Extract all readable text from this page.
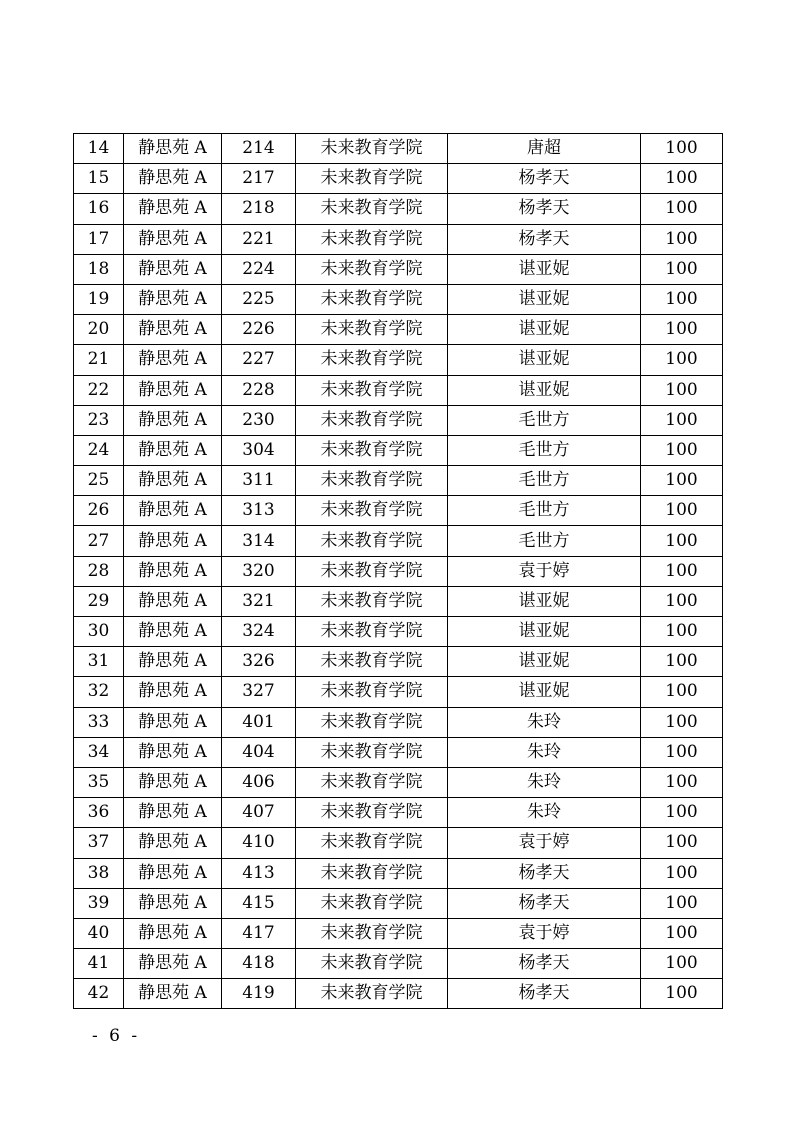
14	静思苑 A	214	未来教育学院	唐超	100
15	静思苑 A	217	未来教育学院	杨孝天	100
16	静思苑 A	218	未来教育学院	杨孝天	100
17	静思苑 A	221	未来教育学院	杨孝天	100
18	静思苑 A	224	未来教育学院	谌亚妮	100
19	静思苑 A	225	未来教育学院	谌亚妮	100
20	静思苑 A	226	未来教育学院	谌亚妮	100
21	静思苑 A	227	未来教育学院	谌亚妮	100
22	静思苑 A	228	未来教育学院	谌亚妮	100
23	静思苑 A	230	未来教育学院	毛世方	100
24	静思苑 A	304	未来教育学院	毛世方	100
25	静思苑 A	311	未来教育学院	毛世方	100
26	静思苑 A	313	未来教育学院	毛世方	100
27	静思苑 A	314	未来教育学院	毛世方	100
28	静思苑 A	320	未来教育学院	袁于婷	100
29	静思苑 A	321	未来教育学院	谌亚妮	100
30	静思苑 A	324	未来教育学院	谌亚妮	100
31	静思苑 A	326	未来教育学院	谌亚妮	100
32	静思苑 A	327	未来教育学院	谌亚妮	100
33	静思苑 A	401	未来教育学院	朱玲	100
34	静思苑 A	404	未来教育学院	朱玲	100
35	静思苑 A	406	未来教育学院	朱玲	100
36	静思苑 A	407	未来教育学院	朱玲	100
37	静思苑 A	410	未来教育学院	袁于婷	100
38	静思苑 A	413	未来教育学院	杨孝天	100
39	静思苑 A	415	未来教育学院	杨孝天	100
40	静思苑 A	417	未来教育学院	袁于婷	100
41	静思苑 A	418	未来教育学院	杨孝天	100
42	静思苑 A	419	未来教育学院	杨孝天	100
- 6 -
